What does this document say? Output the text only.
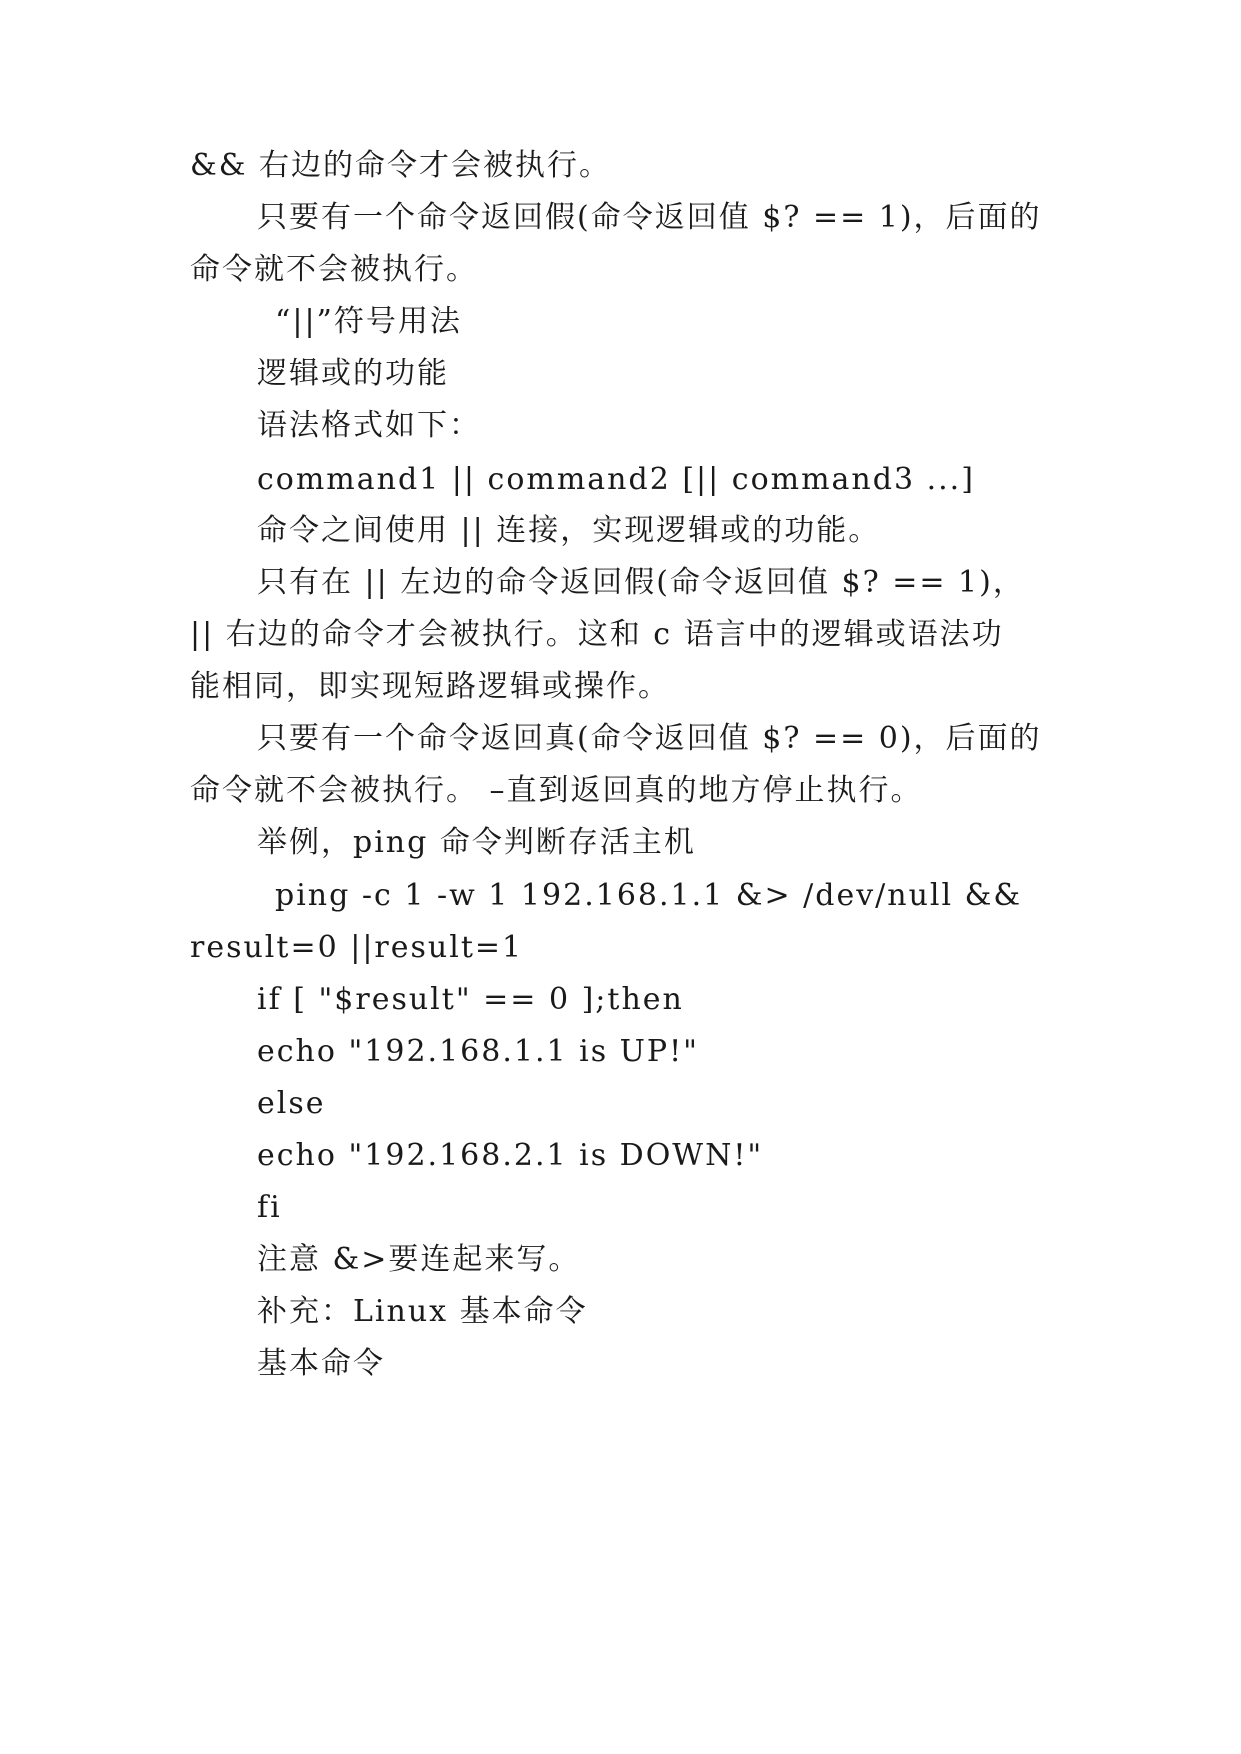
&& 右边的命令才会被执行。
只要有一个命令返回假(命令返回值 $? == 1)，后面的
命令就不会被执行。
“||”符号用法
逻辑或的功能
语法格式如下：
command1 || command2 [|| command3 ...]
命令之间使用 || 连接，实现逻辑或的功能。
只有在 || 左边的命令返回假(命令返回值 $? == 1)，
|| 右边的命令才会被执行。这和 c 语言中的逻辑或语法功
能相同，即实现短路逻辑或操作。
只要有一个命令返回真(命令返回值 $? == 0)，后面的
命令就不会被执行。 –直到返回真的地方停止执行。
举例，ping 命令判断存活主机
ping -c 1 -w 1 192.168.1.1 &> /dev/null &&
result=0 ||result=1
if [ "$result" == 0 ];then
echo "192.168.1.1 is UP!"
else
echo "192.168.2.1 is DOWN!"
fi
注意 &>要连起来写。
补充：Linux 基本命令
基本命令
